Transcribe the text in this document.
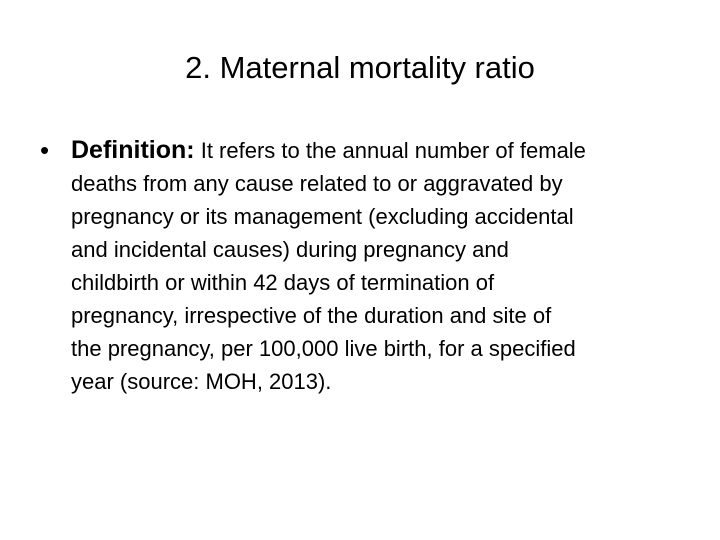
2. Maternal mortality ratio
• Definition: It refers to the annual number of female
deaths from any cause related to or aggravated by
pregnancy or its management (excluding accidental
and incidental causes) during pregnancy and
childbirth or within 42 days of termination of
pregnancy, irrespective of the duration and site of
the pregnancy, per 100,000 live birth, for a specified
year (source: MOH, 2013).
